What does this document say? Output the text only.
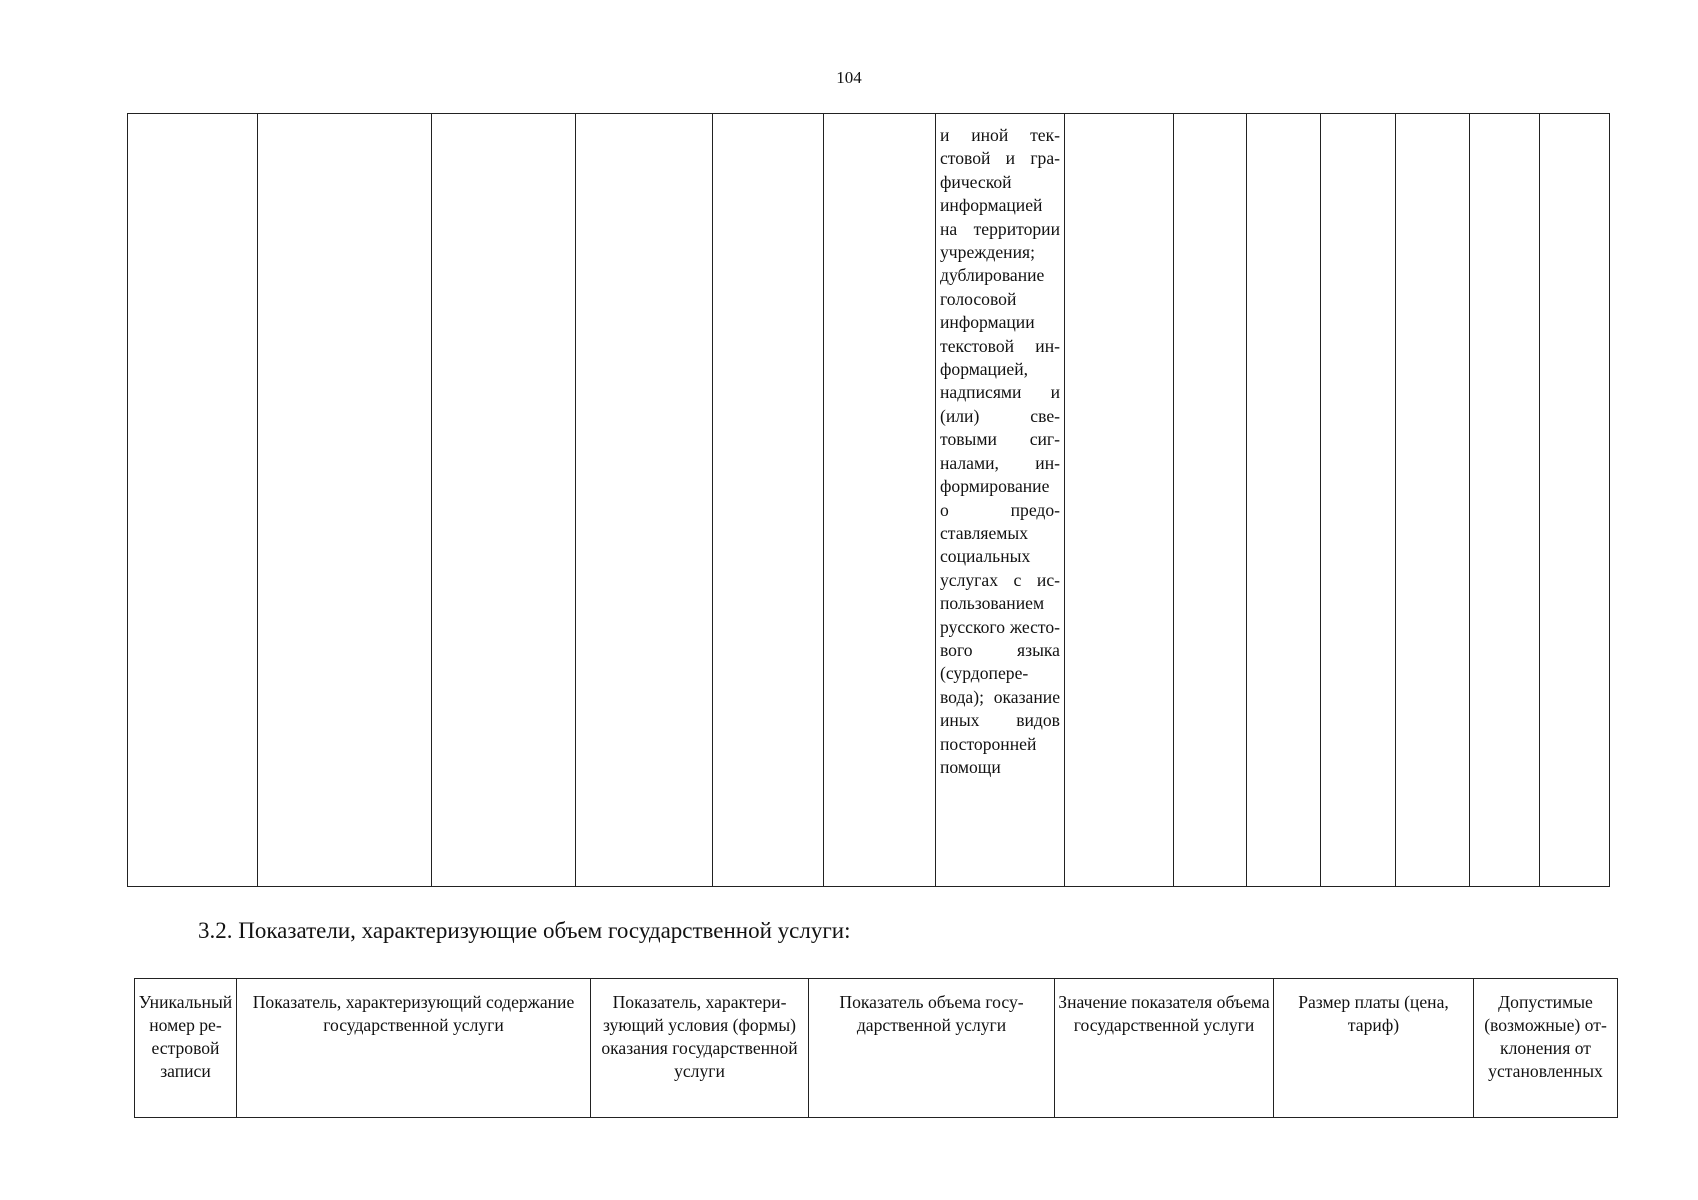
104

и иной текстовой и графической информацией на территории учреждения; дублирование голосовой информации текстовой информацией, надписями и (или) световыми сигналами, информирование о предоставляемых социальных услугах с использованием русского жестового языка (сурдоперевода); оказание иных видов посторонней помощи

3.2. Показатели, характеризующие объем государственной услуги:
Уникальный номер реестровой записи	Показатель, характеризующий содержание государственной услуги	Показатель, характеризующий условия (формы) оказания государственной услуги	Показатель объема государственной услуги	Значение показателя объема государственной услуги	Размер платы (цена, тариф)	Допустимые (возможные) отклонения от установленных
